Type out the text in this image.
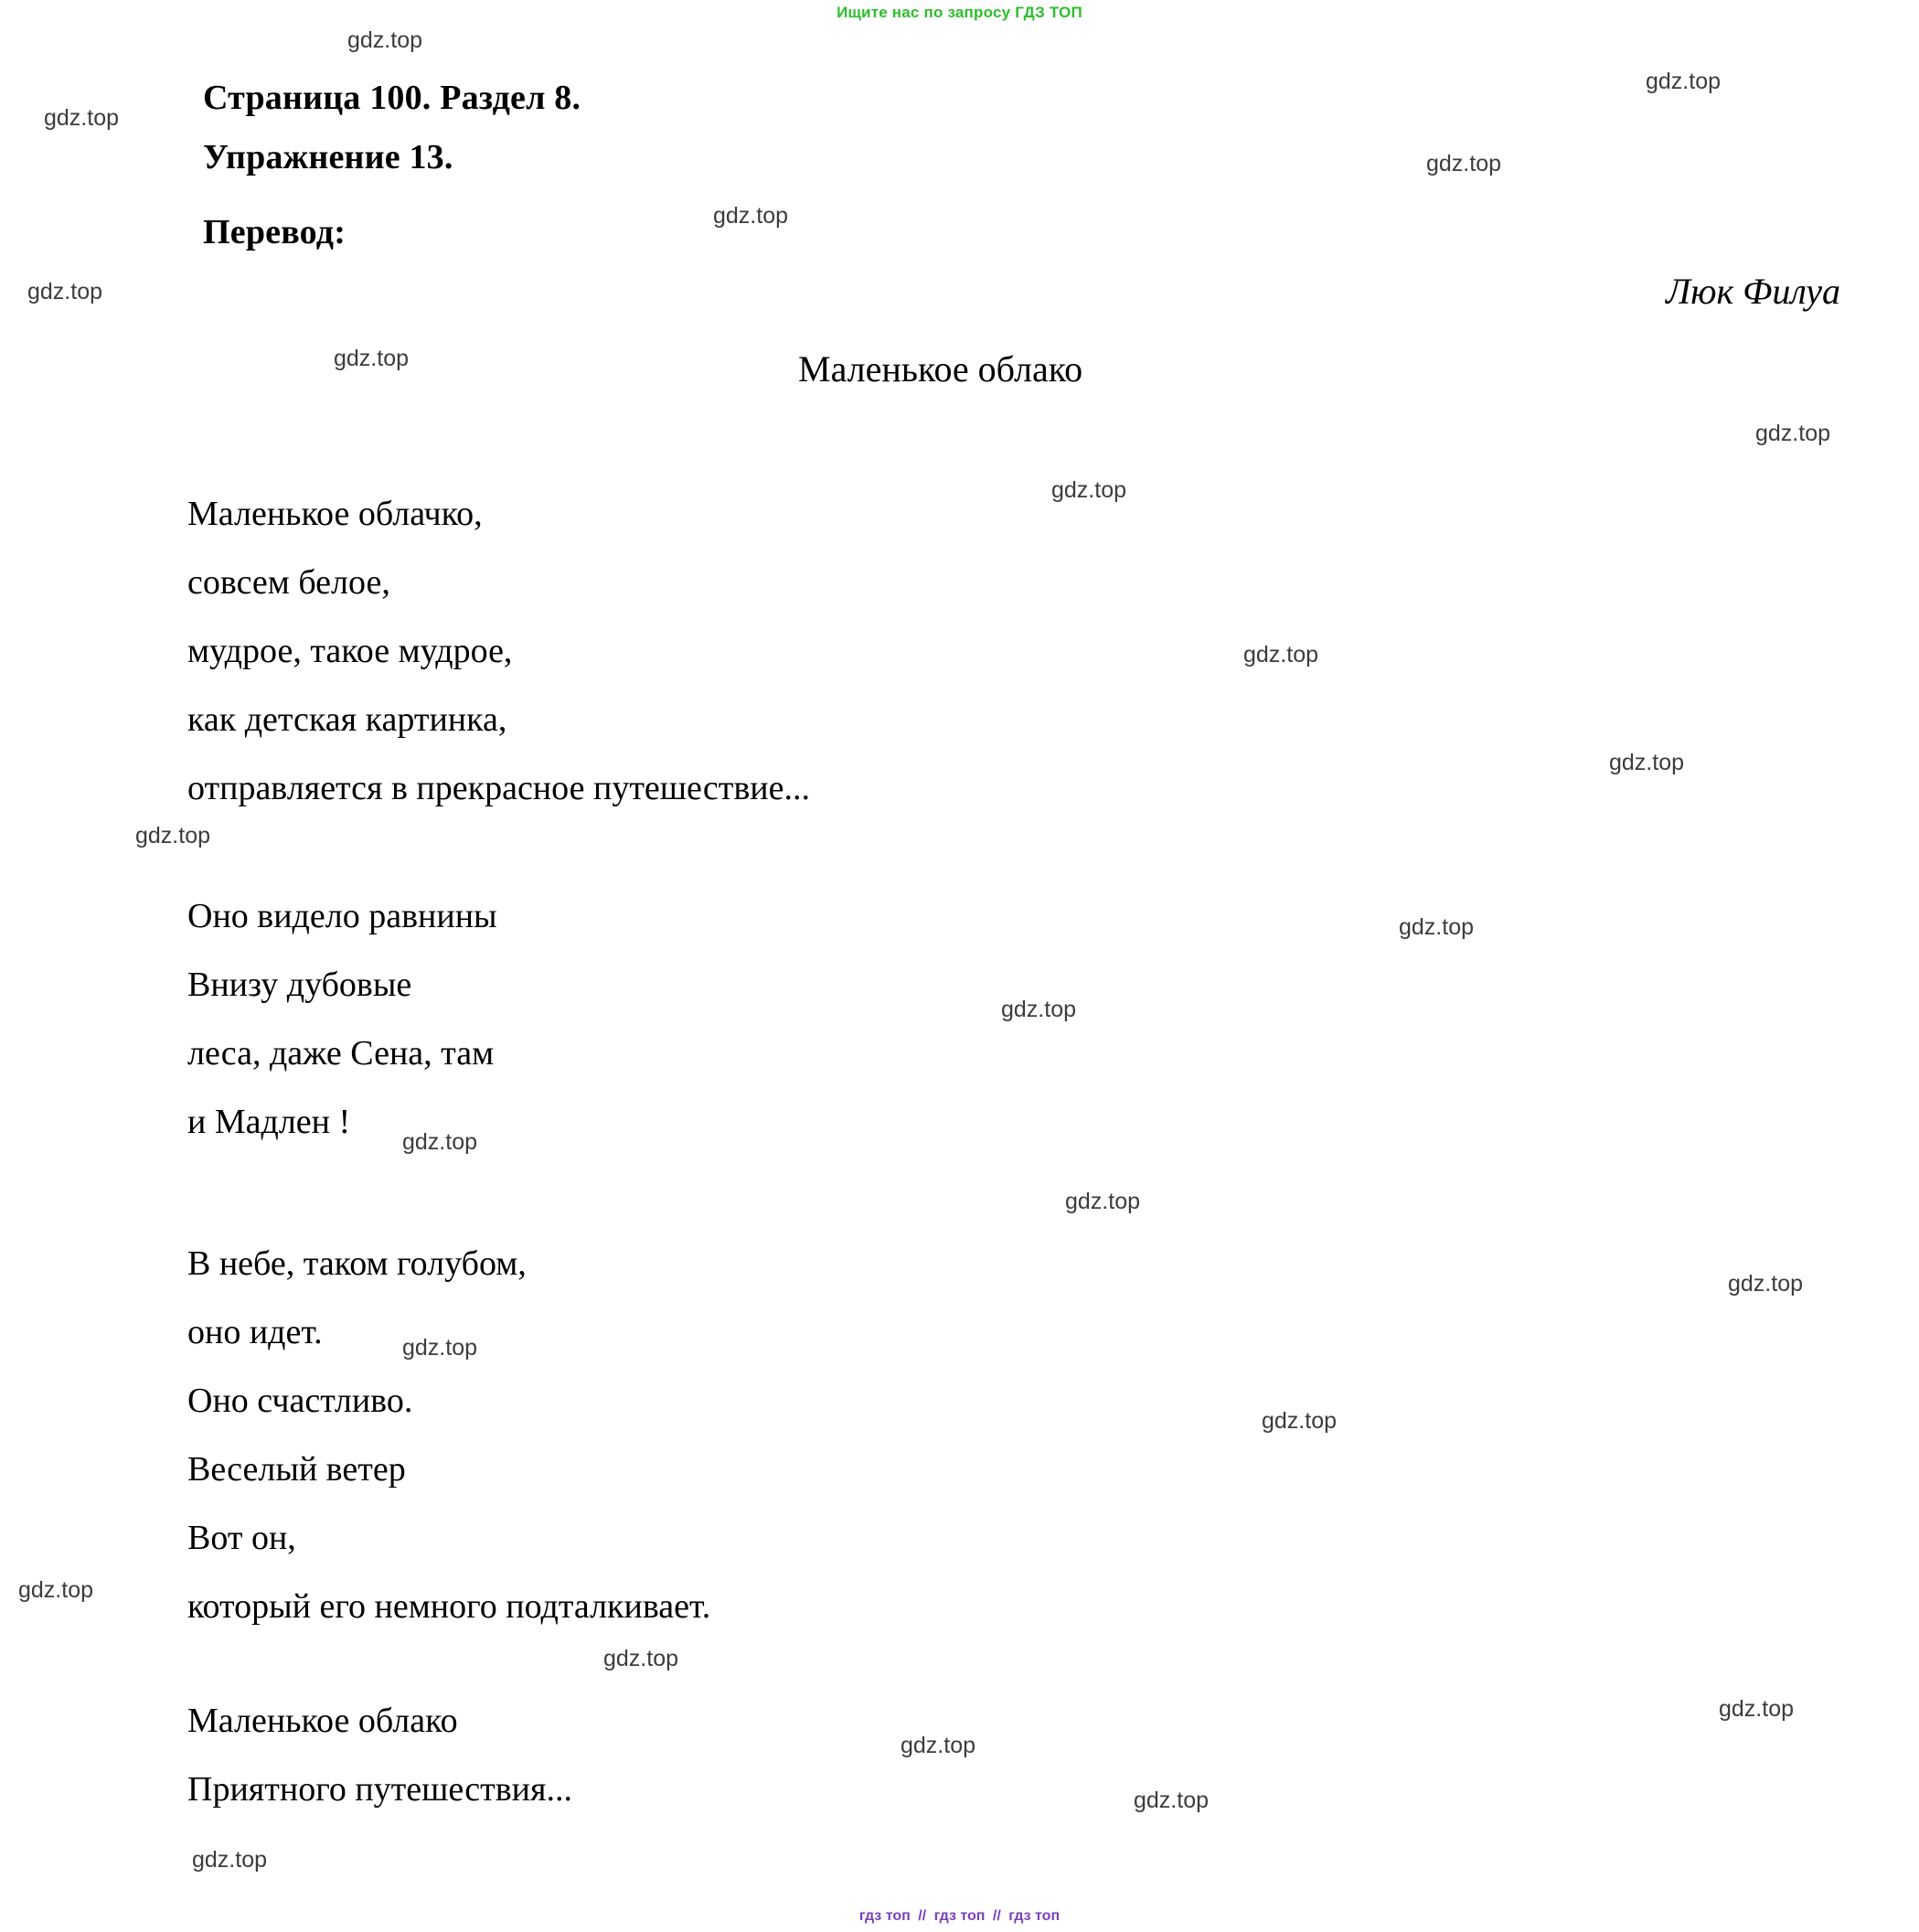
Ищите нас по запросу ГДЗ ТОП
Страница 100. Раздел 8.
Упражнение 13.
Перевод:
Люк Филуа
Маленькое облако
Маленькое облачко,
совсем белое,
мудрое, такое мудрое,
как детская картинка,
отправляется в прекрасное путешествие...
Оно видело равнины
Внизу дубовые
леса, даже Сена, там
и Мадлен !
В небе, таком голубом,
оно идет.
Оно счастливо.
Веселый ветер
Вот он,
который его немного подталкивает.
Маленькое облако
Приятного путешествия...
gdz.top
gdz.top
gdz.top
gdz.top
gdz.top
gdz.top
gdz.top
gdz.top
gdz.top
gdz.top
gdz.top
gdz.top
gdz.top
gdz.top
gdz.top
gdz.top
gdz.top
gdz.top
gdz.top
gdz.top
gdz.top
gdz.top
gdz.top
gdz.top
gdz.top
гдз топ // гдз топ // гдз топ
